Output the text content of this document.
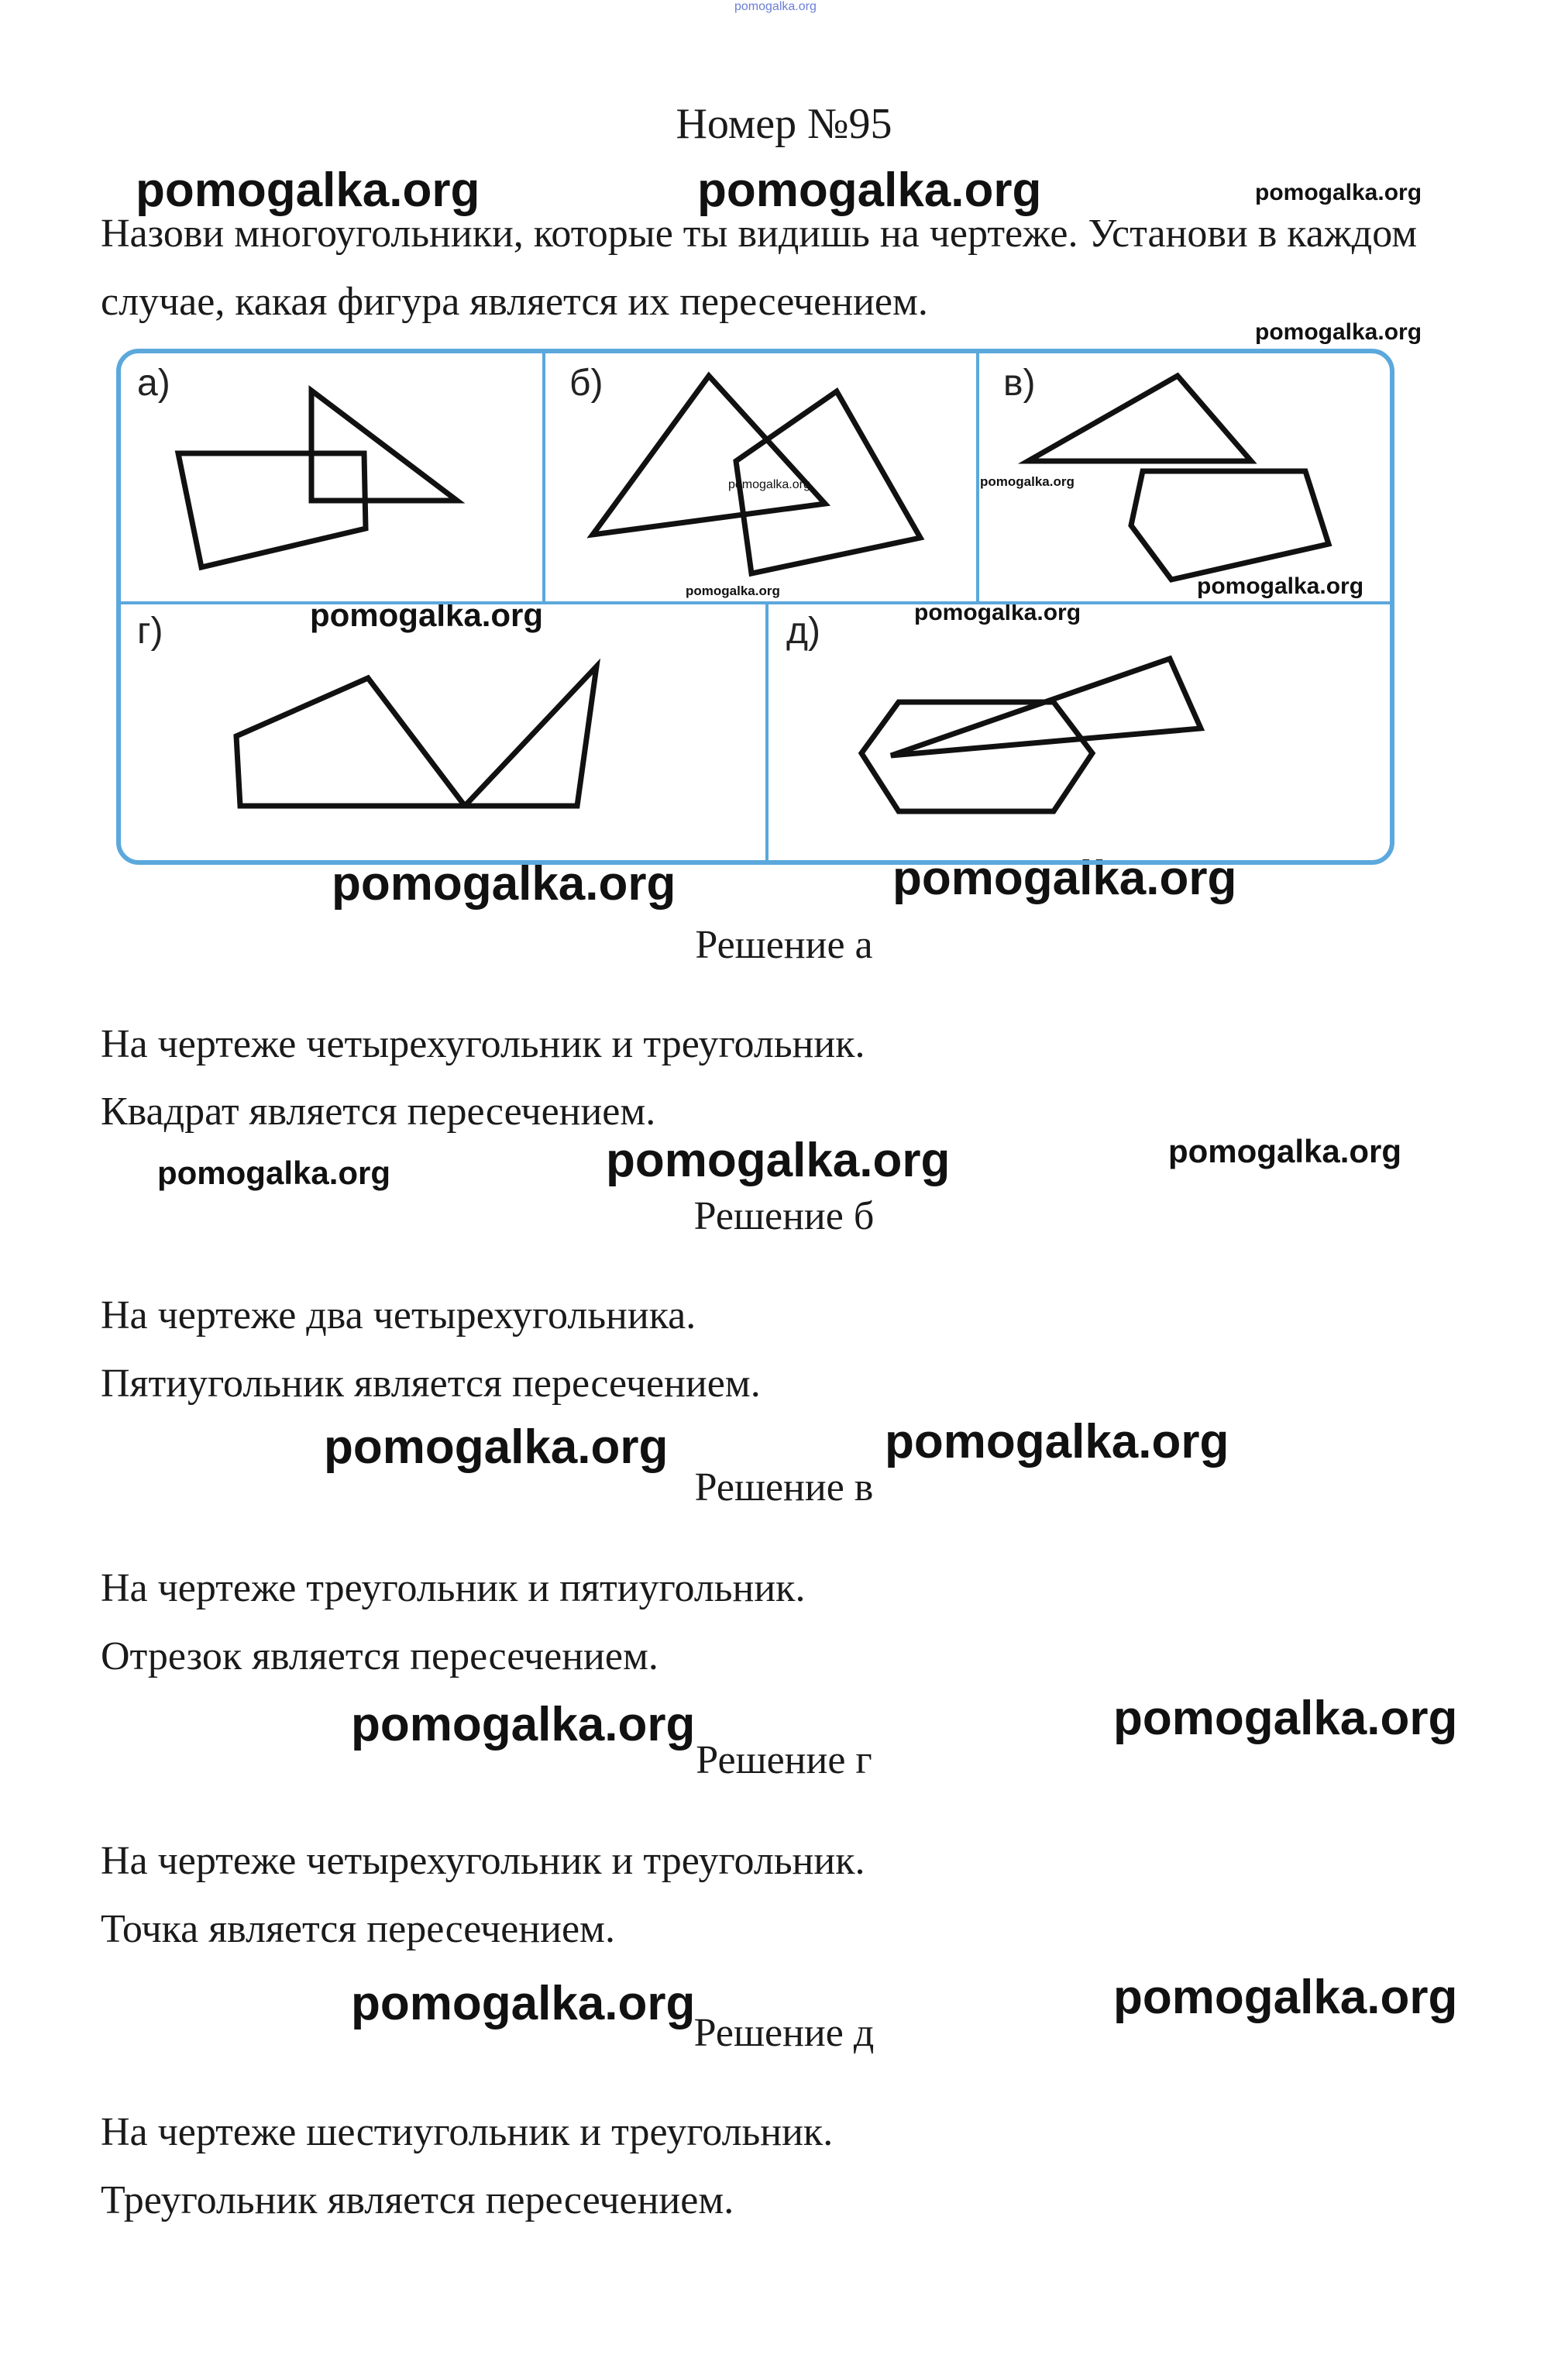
pomogalka.org
pomogalka.org	pomogalka.org	pomogalka.org
pomogalka.org
pomogalka.org
pomogalka.org	pomogalka.org
pomogalka.org	pomogalka.org
pomogalka.org	pomogalka.org	pomogalka.org
pomogalka.org	pomogalka.org
pomogalka.org	pomogalka.org
pomogalka.org	pomogalka.org
Номер №95
Назови многоугольники, которые ты видишь на чертеже. Установи в каждом случае, какая фигура является их пересечением.
а)	б)	в)
г)	д)
pomogalka.org	pomogalka.org
pomogalka.org
Решение а
На чертеже четырехугольник и треугольник.
Квадрат является пересечением.
Решение б
На чертеже два четырехугольника.
Пятиугольник является пересечением.
Решение в
На чертеже треугольник и пятиугольник.
Отрезок является пересечением.
Решение г
На чертеже четырехугольник и треугольник.
Точка является пересечением.
Решение д
На чертеже шестиугольник и треугольник.
Треугольник является пересечением.
